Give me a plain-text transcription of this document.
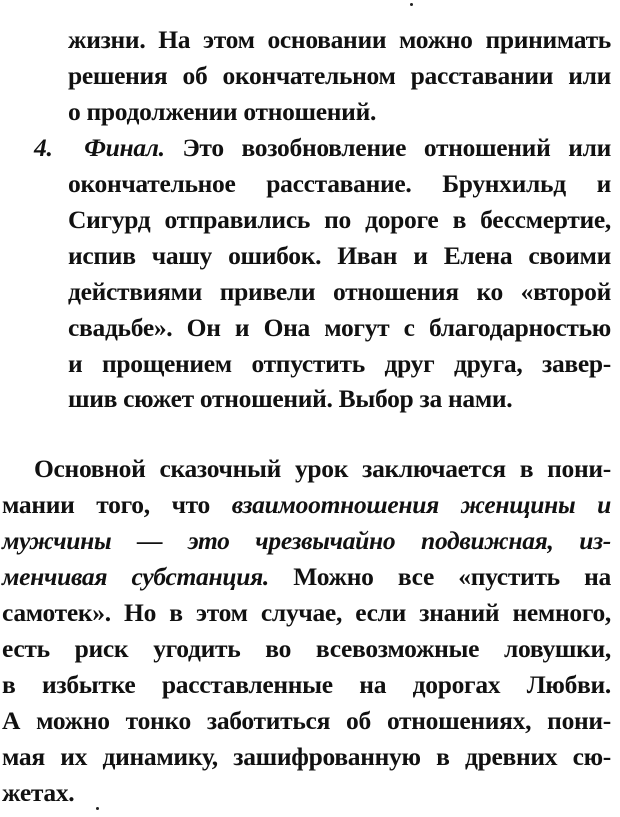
жизни. На этом основании можно принимать
решения об окончательном расставании или
о продолжении отношений.
4. Финал. Это возобновление отношений или
окончательное расставание. Брунхильд и
Сигурд отправились по дороге в бессмертие,
испив чашу ошибок. Иван и Елена своими
действиями привели отношения ко «второй
свадьбе». Он и Она могут с благодарностью
и прощением отпустить друг друга, завер-
шив сюжет отношений. Выбор за нами.
Основной сказочный урок заключается в пони-
мании того, что взаимоотношения женщины и
мужчины — это чрезвычайно подвижная, из-
менчивая субстанция. Можно все «пустить на
самотек». Но в этом случае, если знаний немного,
есть риск угодить во всевозможные ловушки,
в избытке расставленные на дорогах Любви.
А можно тонко заботиться об отношениях, пони-
мая их динамику, зашифрованную в древних сю-
жетах.
